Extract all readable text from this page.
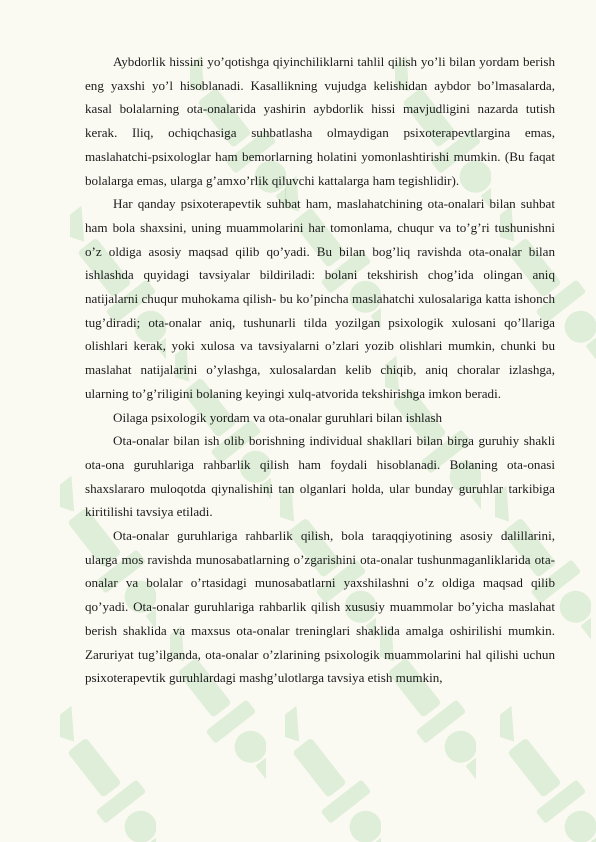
Aybdorlik hissini yo’qotishga qiyinchiliklarni tahlil qilish yo’li bilan yordam berish eng yaxshi yo’l hisoblanadi. Kasallikning vujudga kelishidan aybdor bo’lmasalarda, kasal bolalarning ota-onalarida yashirin aybdorlik hissi mavjudligini nazarda tutish kerak. Iliq, ochiqchasiga suhbatlasha olmaydigan psixoterapevtlargina emas, maslahatchi-psixologlar ham bemorlarning holatini yomonlashtirishi mumkin. (Bu faqat bolalarga emas, ularga g’amxo’rlik qiluvchi kattalarga ham tegishlidir).

Har qanday psixoterapevtik suhbat ham, maslahatchining ota-onalari bilan suhbat ham bola shaxsini, uning muammolarini har tomonlama, chuqur va to’g’ri tushunishni o’z oldiga asosiy maqsad qilib qo’yadi. Bu bilan bog’liq ravishda ota-onalar bilan ishlashda quyidagi tavsiyalar bildiriladi: bolani tekshirish chog’ida olingan aniq natijalarni chuqur muhokama qilish- bu ko’pincha maslahatchi xulosalariga katta ishonch tug’diradi; ota-onalar aniq, tushunarli tilda yozilgan psixologik xulosani qo’llariga olishlari kerak, yoki xulosa va tavsiyalarni o’zlari yozib olishlari mumkin, chunki bu maslahat natijalarini o’ylashga, xulosalardan kelib chiqib, aniq choralar izlashga, ularning to’g’riligini bolaning keyingi xulq-atvorida tekshirishga imkon beradi.

Oilaga psixologik yordam va ota-onalar guruhlari bilan ishlash

Ota-onalar bilan ish olib borishning individual shakllari bilan birga guruhiy shakli ota-ona guruhlariga rahbarlik qilish ham foydali hisoblanadi. Bolaning ota-onasi shaxslararo muloqotda qiynalishini tan olganlari holda, ular bunday guruhlar tarkibiga kiritilishi tavsiya etiladi.

Ota-onalar guruhlariga rahbarlik qilish, bola taraqqiyotining asosiy dalillarini, ularga mos ravishda munosabatlarning o’zgarishini ota-onalar tushunmaganliklarida ota-onalar va bolalar o’rtasidagi munosabatlarni yaxshilashni o’z oldiga maqsad qilib qo’yadi. Ota-onalar guruhlariga rahbarlik qilish xususiy muammolar bo’yicha maslahat berish shaklida va maxsus ota-onalar treninglari shaklida amalga oshirilishi mumkin. Zaruriyat tug’ilganda, ota-onalar o’zlarining psixologik muammolarini hal qilishi uchun psixoterapevtik guruhlardagi mashg’ulotlarga tavsiya etish mumkin,
